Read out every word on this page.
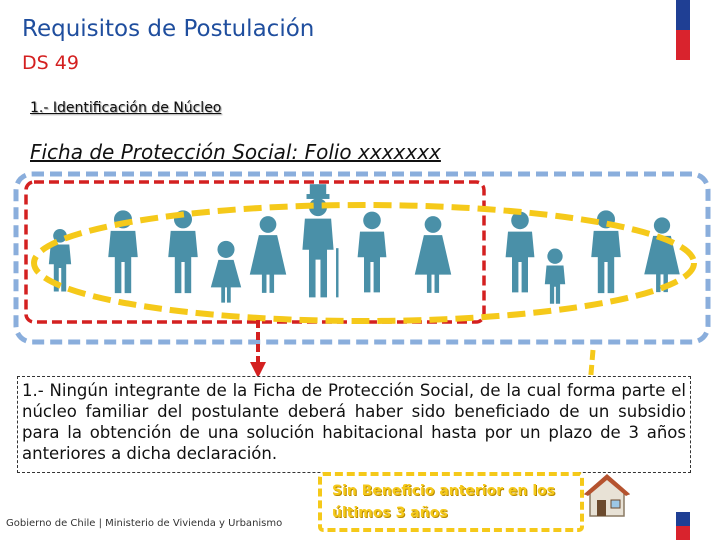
Requisitos de Postulación
DS 49
1.- Identificación de Núcleo
Ficha de Protección Social: Folio xxxxxxx

1.- Ningún integrante de la Ficha de Protección Social, de la cual forma parte el núcleo familiar del postulante deberá haber sido beneficiado de un subsidio para la obtención de una solución habitacional hasta por un plazo de 3 años anteriores a dicha declaración.

Sin Beneficio anterior en los
últimos 3 años
Gobierno de Chile | Ministerio de Vivienda y Urbanismo
